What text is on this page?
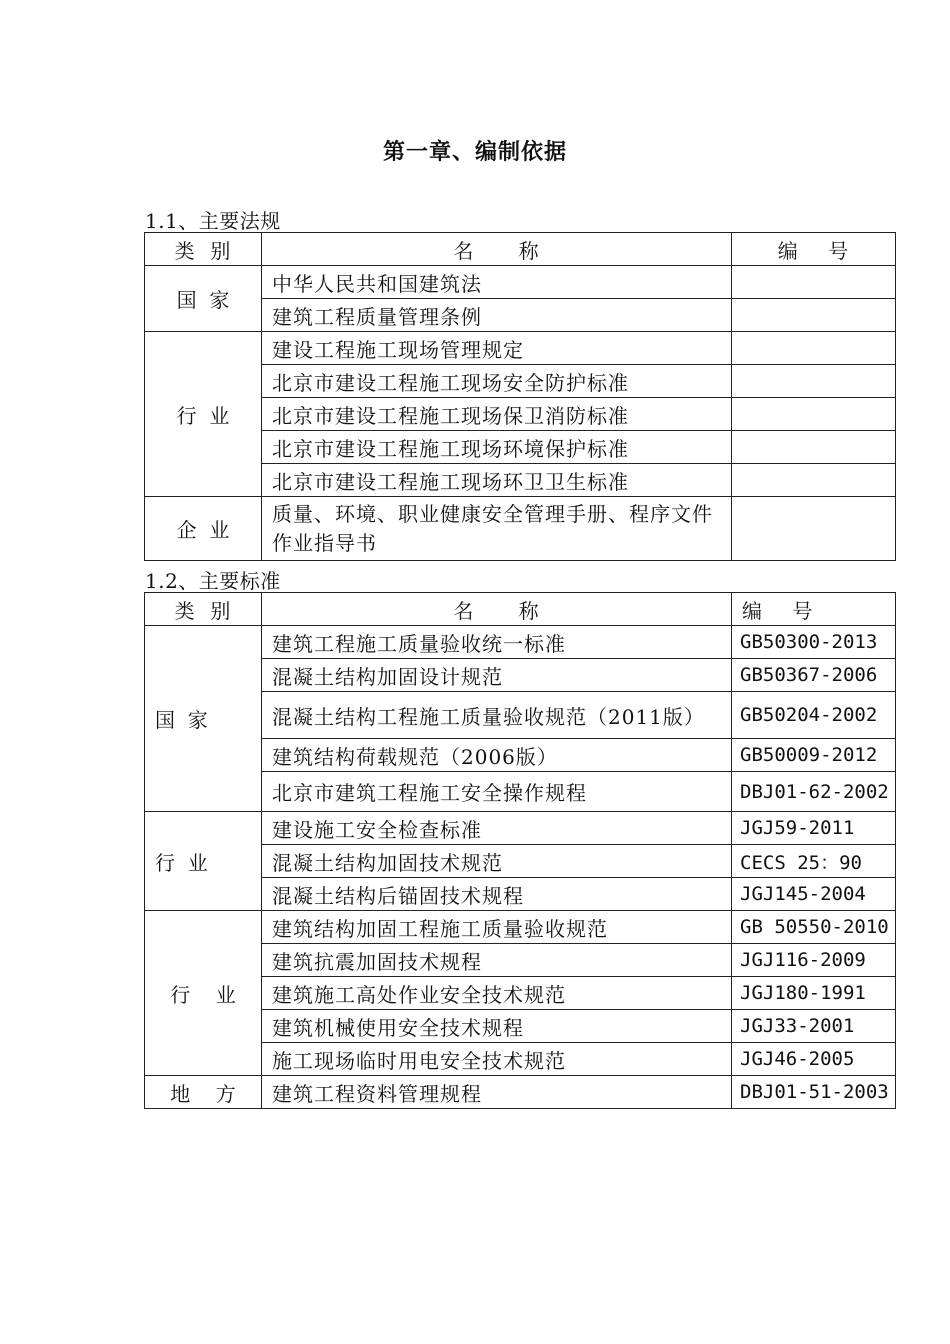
第一章、编制依据
1.1、主要法规
类  别	名      称	编    号
国  家	中华人民共和国建筑法	
	建筑工程质量管理条例	
行  业	建设工程施工现场管理规定	
	北京市建设工程施工现场安全防护标准	
	北京市建设工程施工现场保卫消防标准	
	北京市建设工程施工现场环境保护标准	
	北京市建设工程施工现场环卫卫生标准	
企  业	质量、环境、职业健康安全管理手册、程序文件作业指导书	
1.2、主要标准
类  别	名      称	编    号
国  家	建筑工程施工质量验收统一标准	GB50300-2013
	混凝土结构加固设计规范	GB50367-2006
	混凝土结构工程施工质量验收规范（2011版）	GB50204-2002
	建筑结构荷载规范（2006版）	GB50009-2012
	北京市建筑工程施工安全操作规程	DBJ01-62-2002
行  业	建设施工安全检查标准	JGJ59-2011
	混凝土结构加固技术规范	CECS 25：90
	混凝土结构后锚固技术规程	JGJ145-2004
行    业	建筑结构加固工程施工质量验收规范	GB 50550-2010
	建筑抗震加固技术规程	JGJ116-2009
	建筑施工高处作业安全技术规范	JGJ180-1991
	建筑机械使用安全技术规程	JGJ33-2001
	施工现场临时用电安全技术规范	JGJ46-2005
地    方	建筑工程资料管理规程	DBJ01-51-2003
